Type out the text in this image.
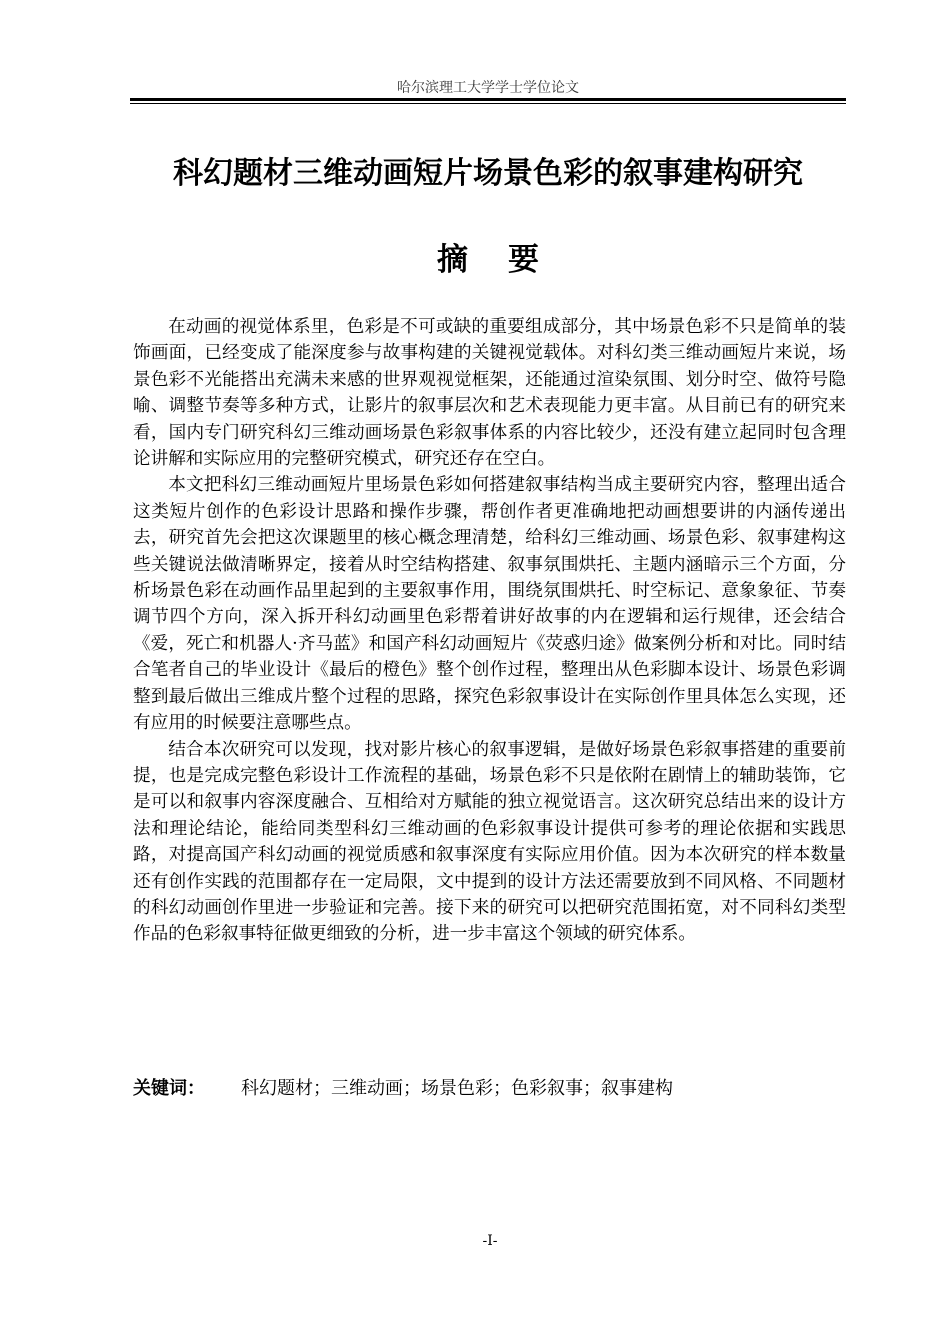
哈尔滨理工大学学士学位论文
科幻题材三维动画短片场景色彩的叙事建构研究
摘要

在动画的视觉体系里，色彩是不可或缺的重要组成部分，其中场景色彩不只是简单的装饰画面，已经变成了能深度参与故事构建的关键视觉载体。对科幻类三维动画短片来说，场景色彩不光能搭出充满未来感的世界观视觉框架，还能通过渲染氛围、划分时空、做符号隐喻、调整节奏等多种方式，让影片的叙事层次和艺术表现能力更丰富。从目前已有的研究来看，国内专门研究科幻三维动画场景色彩叙事体系的内容比较少，还没有建立起同时包含理论讲解和实际应用的完整研究模式，研究还存在空白。

本文把科幻三维动画短片里场景色彩如何搭建叙事结构当成主要研究内容，整理出适合这类短片创作的色彩设计思路和操作步骤，帮创作者更准确地把动画想要讲的内涵传递出去，研究首先会把这次课题里的核心概念理清楚，给科幻三维动画、场景色彩、叙事建构这些关键说法做清晰界定，接着从时空结构搭建、叙事氛围烘托、主题内涵暗示三个方面，分析场景色彩在动画作品里起到的主要叙事作用，围绕氛围烘托、时空标记、意象象征、节奏调节四个方向，深入拆开科幻动画里色彩帮着讲好故事的内在逻辑和运行规律，还会结合《爱，死亡和机器人·齐马蓝》和国产科幻动画短片《荧惑归途》做案例分析和对比。同时结合笔者自己的毕业设计《最后的橙色》整个创作过程，整理出从色彩脚本设计、场景色彩调整到最后做出三维成片整个过程的思路，探究色彩叙事设计在实际创作里具体怎么实现，还有应用的时候要注意哪些点。

结合本次研究可以发现，找对影片核心的叙事逻辑，是做好场景色彩叙事搭建的重要前提，也是完成完整色彩设计工作流程的基础，场景色彩不只是依附在剧情上的辅助装饰，它是可以和叙事内容深度融合、互相给对方赋能的独立视觉语言。这次研究总结出来的设计方法和理论结论，能给同类型科幻三维动画的色彩叙事设计提供可参考的理论依据和实践思路，对提高国产科幻动画的视觉质感和叙事深度有实际应用价值。因为本次研究的样本数量还有创作实践的范围都存在一定局限，文中提到的设计方法还需要放到不同风格、不同题材的科幻动画创作里进一步验证和完善。接下来的研究可以把研究范围拓宽，对不同科幻类型作品的色彩叙事特征做更细致的分析，进一步丰富这个领域的研究体系。

关键词： 科幻题材；三维动画；场景色彩；色彩叙事；叙事建构
-I-
